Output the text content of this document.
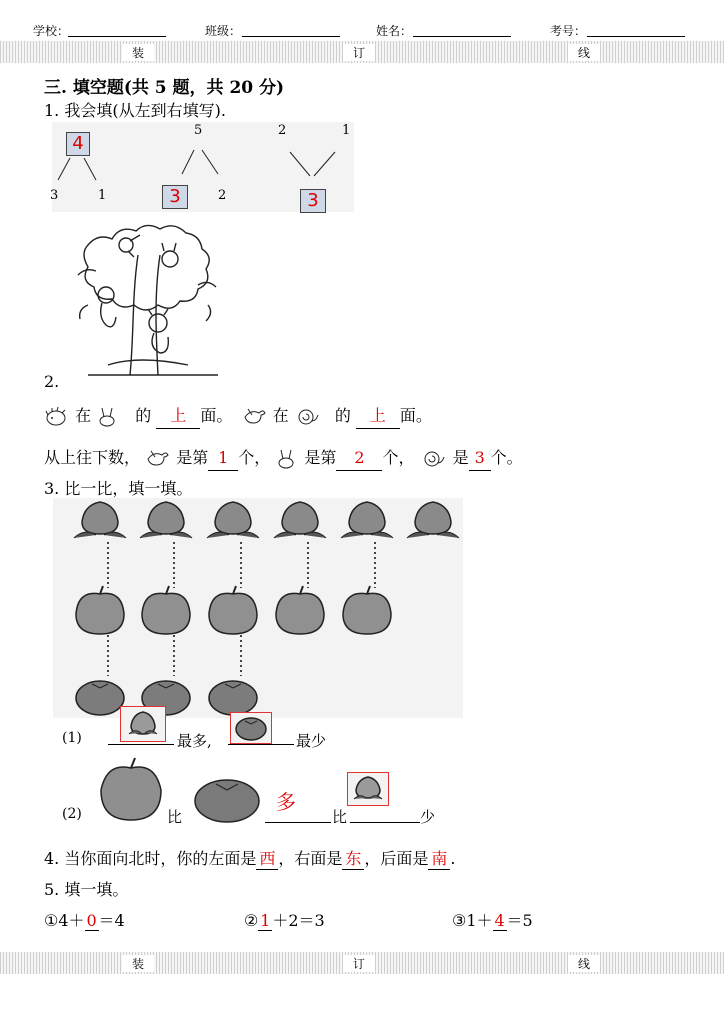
学校：	班级：	姓名：	考号：
装	订	线
三. 填空题(共 5 题，共 20 分)
1. 我会填(从左到右填写).
4
3	1
5
3	2
2	1
3
2.
在	的 上 面。	在	的 上 面。
从上往下数， 是第 1 个， 是第 2 个， 是 3 个。
3. 比一比，填一填。
(1)	最多,	最少
(2)	比
多
比	少
4. 当你面向北时，你的左面是 西 ，右面是 东 ，后面是 南 .
5. 填一填。
①4＋ 0 ＝4	② 1 ＋2＝3	③1＋ 4 ＝5
装	订	线
